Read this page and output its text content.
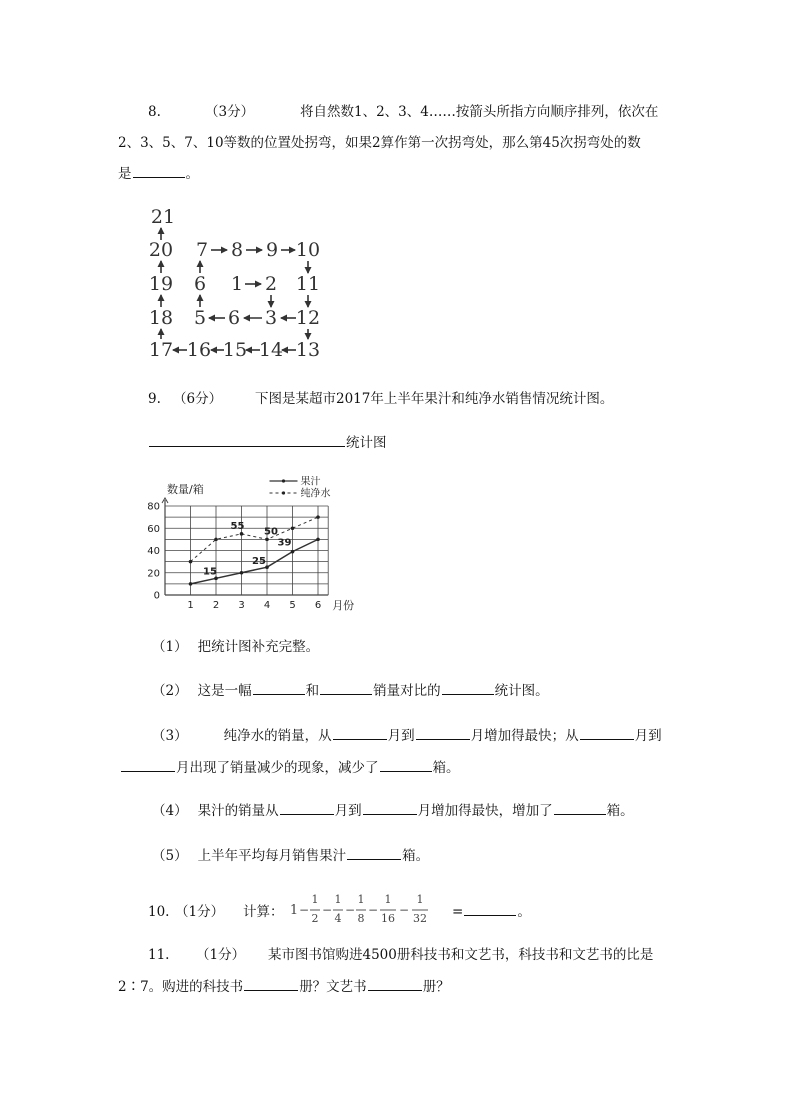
8.	（3分）	将自然数1、2、3、4……按箭头所指方向顺序排列，依次在
2、3、5、7、10等数的位置处拐弯，如果2算作第一次拐弯处，那么第45次拐弯处的数
是	。
21
20 7 8 9 10
19 6 1 2 11
18 5 6 3 12
17 16 15 14 13
9. （6分） 下图是某超市2017年上半年果汁和纯净水销售情况统计图。
统计图
0
20
40
60
80
1 2 3 4 5 6
数量/箱
月份
15
25
39
55
50
果汁
纯净水
（1） 把统计图补充完整。
（2） 这是一幅	和	销量对比的	统计图。
（3）	纯净水的销量，从	月到	月增加得最快；从	月到
月出现了销量减少的现象，减少了	箱。
（4） 果汁的销量从	月到	月增加得最快，增加了	箱。
（5） 上半年平均每月销售果汁	箱。
10. （1分） 计算： 1 −
1
2
−
1
4
−
1
8
−
1
16
−
1
32 =	。
11. （1分） 某市图书馆购进4500册科技书和文艺书，科技书和文艺书的比是
2∶7。购进的科技书	册？文艺书	册？
